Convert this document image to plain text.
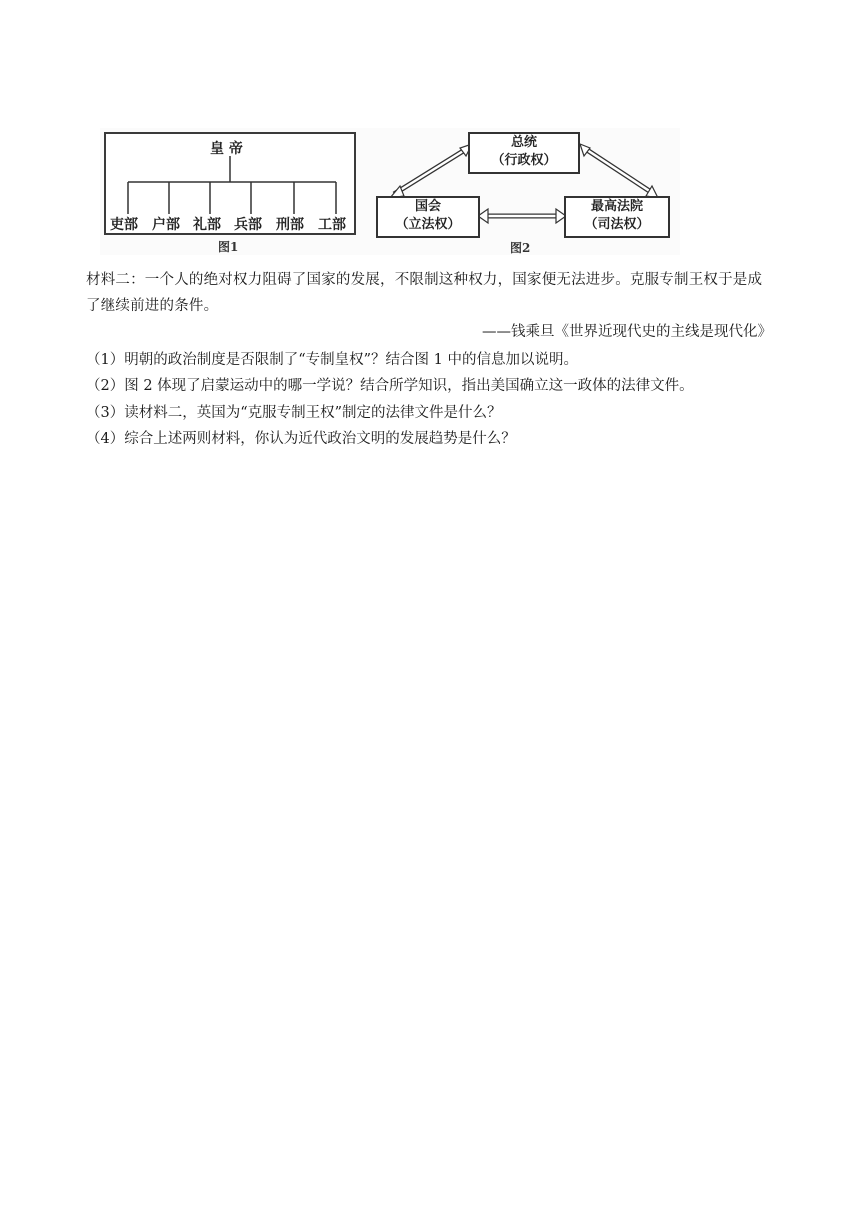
皇 帝
吏部 户部 礼部 兵部 刑部 工部
图1
总统
（行政权）
国会
（立法权）
最高法院
（司法权）
图2
材料二：一个人的绝对权力阻碍了国家的发展，不限制这种权力，国家便无法进步。克服专制王权于是成
了继续前进的条件。
——钱乘旦《世界近现代史的主线是现代化》
（1）明朝的政治制度是否限制了“专制皇权”？结合图 1 中的信息加以说明。
（2）图 2 体现了启蒙运动中的哪一学说？结合所学知识，指出美国确立这一政体的法律文件。
（3）读材料二，英国为“克服专制王权”制定的法律文件是什么？
（4）综合上述两则材料，你认为近代政治文明的发展趋势是什么？
